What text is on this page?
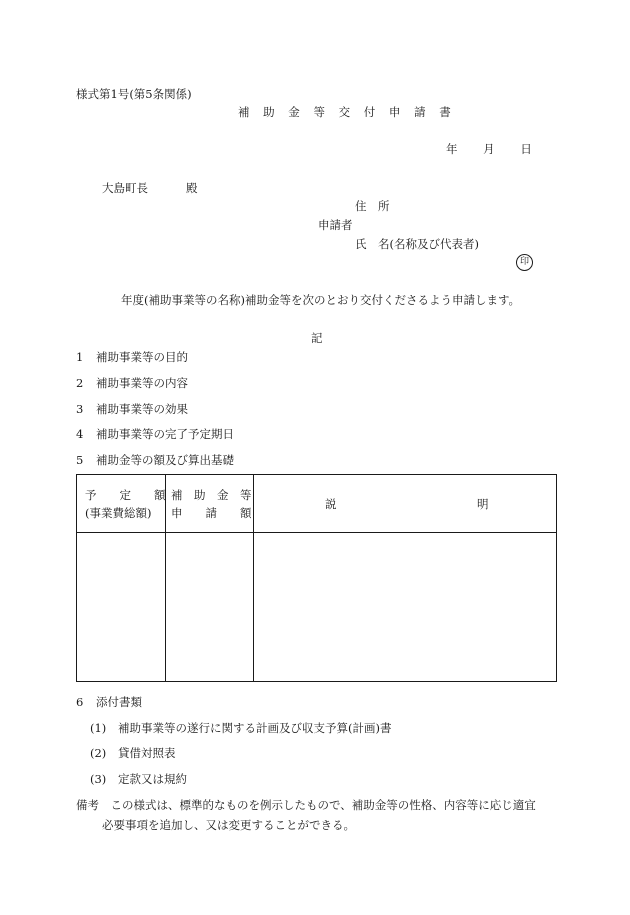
様式第1号(第5条関係)
補 助 金 等 交 付 申 請 書
年 月 日
大島町長	殿
住　所
申請者
氏　名(名称及び代表者)
印
年度(補助事業等の名称)補助金等を次のとおり交付くださるよう申請します。
記
1 補助事業等の目的
2 補助事業等の内容
3 補助事業等の効果
4 補助事業等の完了予定期日
5 補助金等の額及び算出基礎
予　　定　　額
(事業費総額)
補　助　金　等
申　　請　　額
説	明
6 添付書類
(1) 補助事業等の遂行に関する計画及び収支予算(計画)書
(2) 貸借対照表
(3) 定款又は規約
備考　 この様式は、標準的なものを例示したもので、補助金等の性格、内容等に応じ適宜
必要事項を追加し、又は変更することができる。
